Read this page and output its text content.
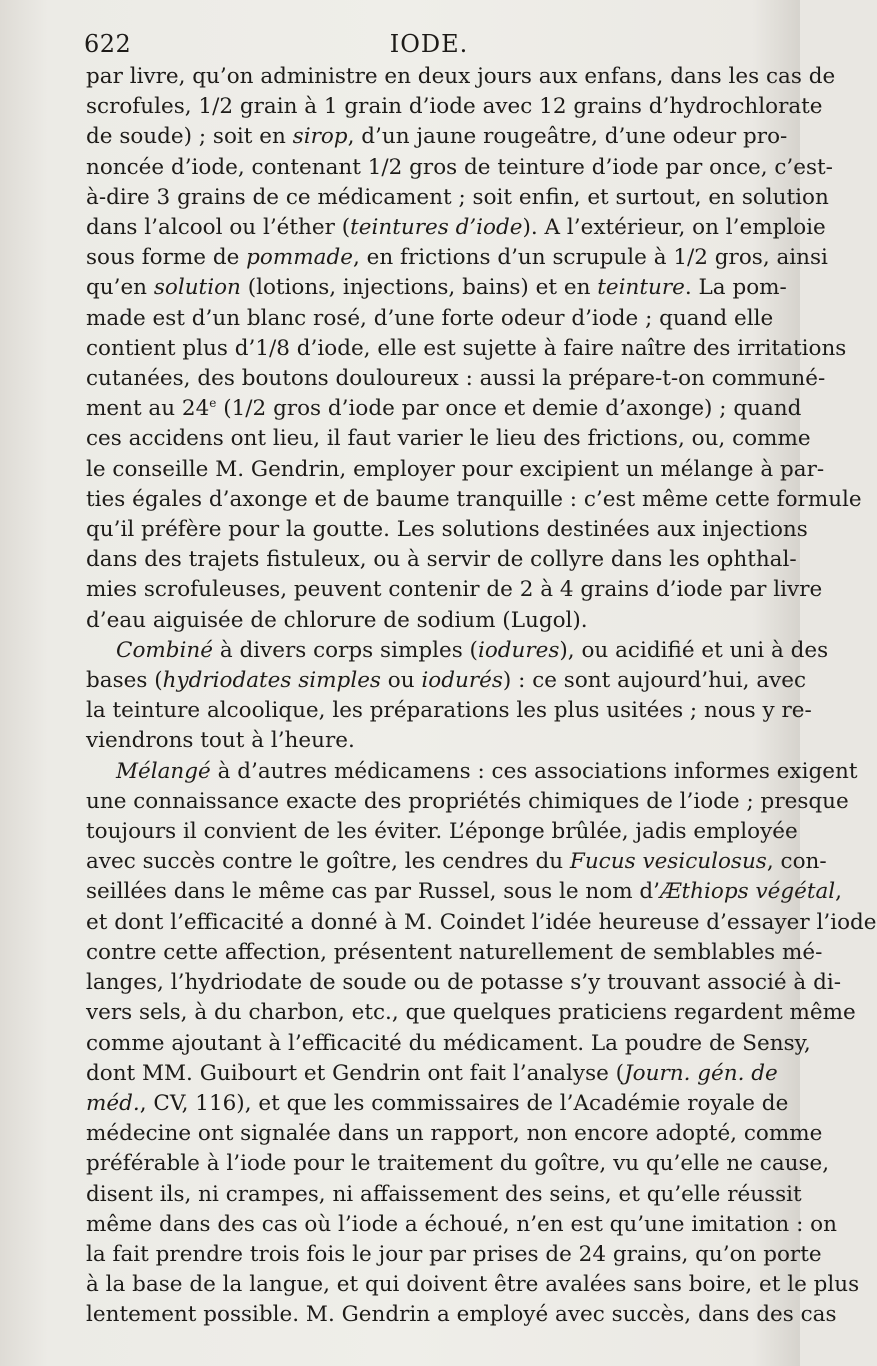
622	IODE.
par livre, qu’on administre en deux jours aux enfans, dans les cas de
scrofules, 1/2 grain à 1 grain d’iode avec 12 grains d’hydrochlorate
de soude) ; soit en sirop, d’un jaune rougeâtre, d’une odeur pro-
noncée d’iode, contenant 1/2 gros de teinture d’iode par once, c’est-
à-dire 3 grains de ce médicament ; soit enfin, et surtout, en solution
dans l’alcool ou l’éther (teintures d’iode). A l’extérieur, on l’emploie
sous forme de pommade, en frictions d’un scrupule à 1/2 gros, ainsi
qu’en solution (lotions, injections, bains) et en teinture. La pom-
made est d’un blanc rosé, d’une forte odeur d’iode ; quand elle
contient plus d’1/8 d’iode, elle est sujette à faire naître des irritations
cutanées, des boutons douloureux : aussi la prépare-t-on communé-
ment au 24e (1/2 gros d’iode par once et demie d’axonge) ; quand
ces accidens ont lieu, il faut varier le lieu des frictions, ou, comme
le conseille M. Gendrin, employer pour excipient un mélange à par-
ties égales d’axonge et de baume tranquille : c’est même cette formule
qu’il préfère pour la goutte. Les solutions destinées aux injections
dans des trajets fistuleux, ou à servir de collyre dans les ophthal-
mies scrofuleuses, peuvent contenir de 2 à 4 grains d’iode par livre
d’eau aiguisée de chlorure de sodium (Lugol).
Combiné à divers corps simples (iodures), ou acidifié et uni à des
bases (hydriodates simples ou iodurés) : ce sont aujourd’hui, avec
la teinture alcoolique, les préparations les plus usitées ; nous y re-
viendrons tout à l’heure.
Mélangé à d’autres médicamens : ces associations informes exigent
une connaissance exacte des propriétés chimiques de l’iode ; presque
toujours il convient de les éviter. L’éponge brûlée, jadis employée
avec succès contre le goître, les cendres du Fucus vesiculosus, con-
seillées dans le même cas par Russel, sous le nom d’Æthiops végétal,
et dont l’efficacité a donné à M. Coindet l’idée heureuse d’essayer l’iode
contre cette affection, présentent naturellement de semblables mé-
langes, l’hydriodate de soude ou de potasse s’y trouvant associé à di-
vers sels, à du charbon, etc., que quelques praticiens regardent même
comme ajoutant à l’efficacité du médicament. La poudre de Sensy,
dont MM. Guibourt et Gendrin ont fait l’analyse (Journ. gén. de
méd., CV, 116), et que les commissaires de l’Académie royale de
médecine ont signalée dans un rapport, non encore adopté, comme
préférable à l’iode pour le traitement du goître, vu qu’elle ne cause,
disent ils, ni crampes, ni affaissement des seins, et qu’elle réussit
même dans des cas où l’iode a échoué, n’en est qu’une imitation : on
la fait prendre trois fois le jour par prises de 24 grains, qu’on porte
à la base de la langue, et qui doivent être avalées sans boire, et le plus
lentement possible. M. Gendrin a employé avec succès, dans des cas
